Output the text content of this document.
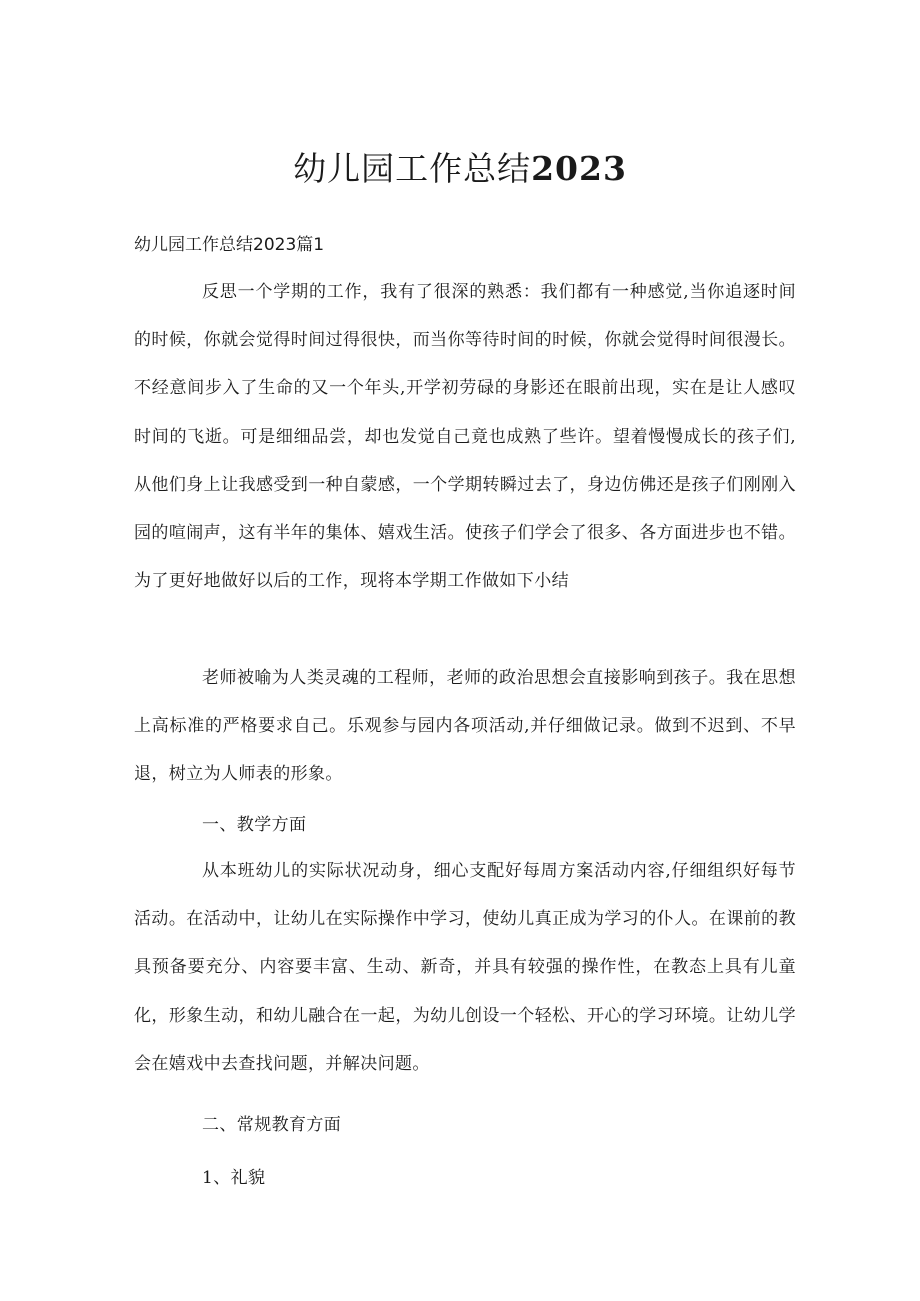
幼儿园工作总结2023

幼儿园工作总结2023篇1

反思一个学期的工作，我有了很深的熟悉：我们都有一种感觉,当你追逐时间的时候，你就会觉得时间过得很快，而当你等待时间的时候，你就会觉得时间很漫长。不经意间步入了生命的又一个年头,开学初劳碌的身影还在眼前出现，实在是让人感叹时间的飞逝。可是细细品尝，却也发觉自己竟也成熟了些许。望着慢慢成长的孩子们,从他们身上让我感受到一种自蒙感，一个学期转瞬过去了，身边仿佛还是孩子们刚刚入园的喧闹声，这有半年的集体、嬉戏生活。使孩子们学会了很多、各方面进步也不错。为了更好地做好以后的工作，现将本学期工作做如下小结

老师被喻为人类灵魂的工程师，老师的政治思想会直接影响到孩子。我在思想上高标准的严格要求自己。乐观参与园内各项活动,并仔细做记录。做到不迟到、不早退，树立为人师表的形象。

一、教学方面

从本班幼儿的实际状况动身，细心支配好每周方案活动内容,仔细组织好每节活动。在活动中，让幼儿在实际操作中学习，使幼儿真正成为学习的仆人。在课前的教具预备要充分、内容要丰富、生动、新奇，并具有较强的操作性，在教态上具有儿童化，形象生动，和幼儿融合在一起，为幼儿创设一个轻松、开心的学习环境。让幼儿学会在嬉戏中去查找问题，并解决问题。

二、常规教育方面

1、礼貌
